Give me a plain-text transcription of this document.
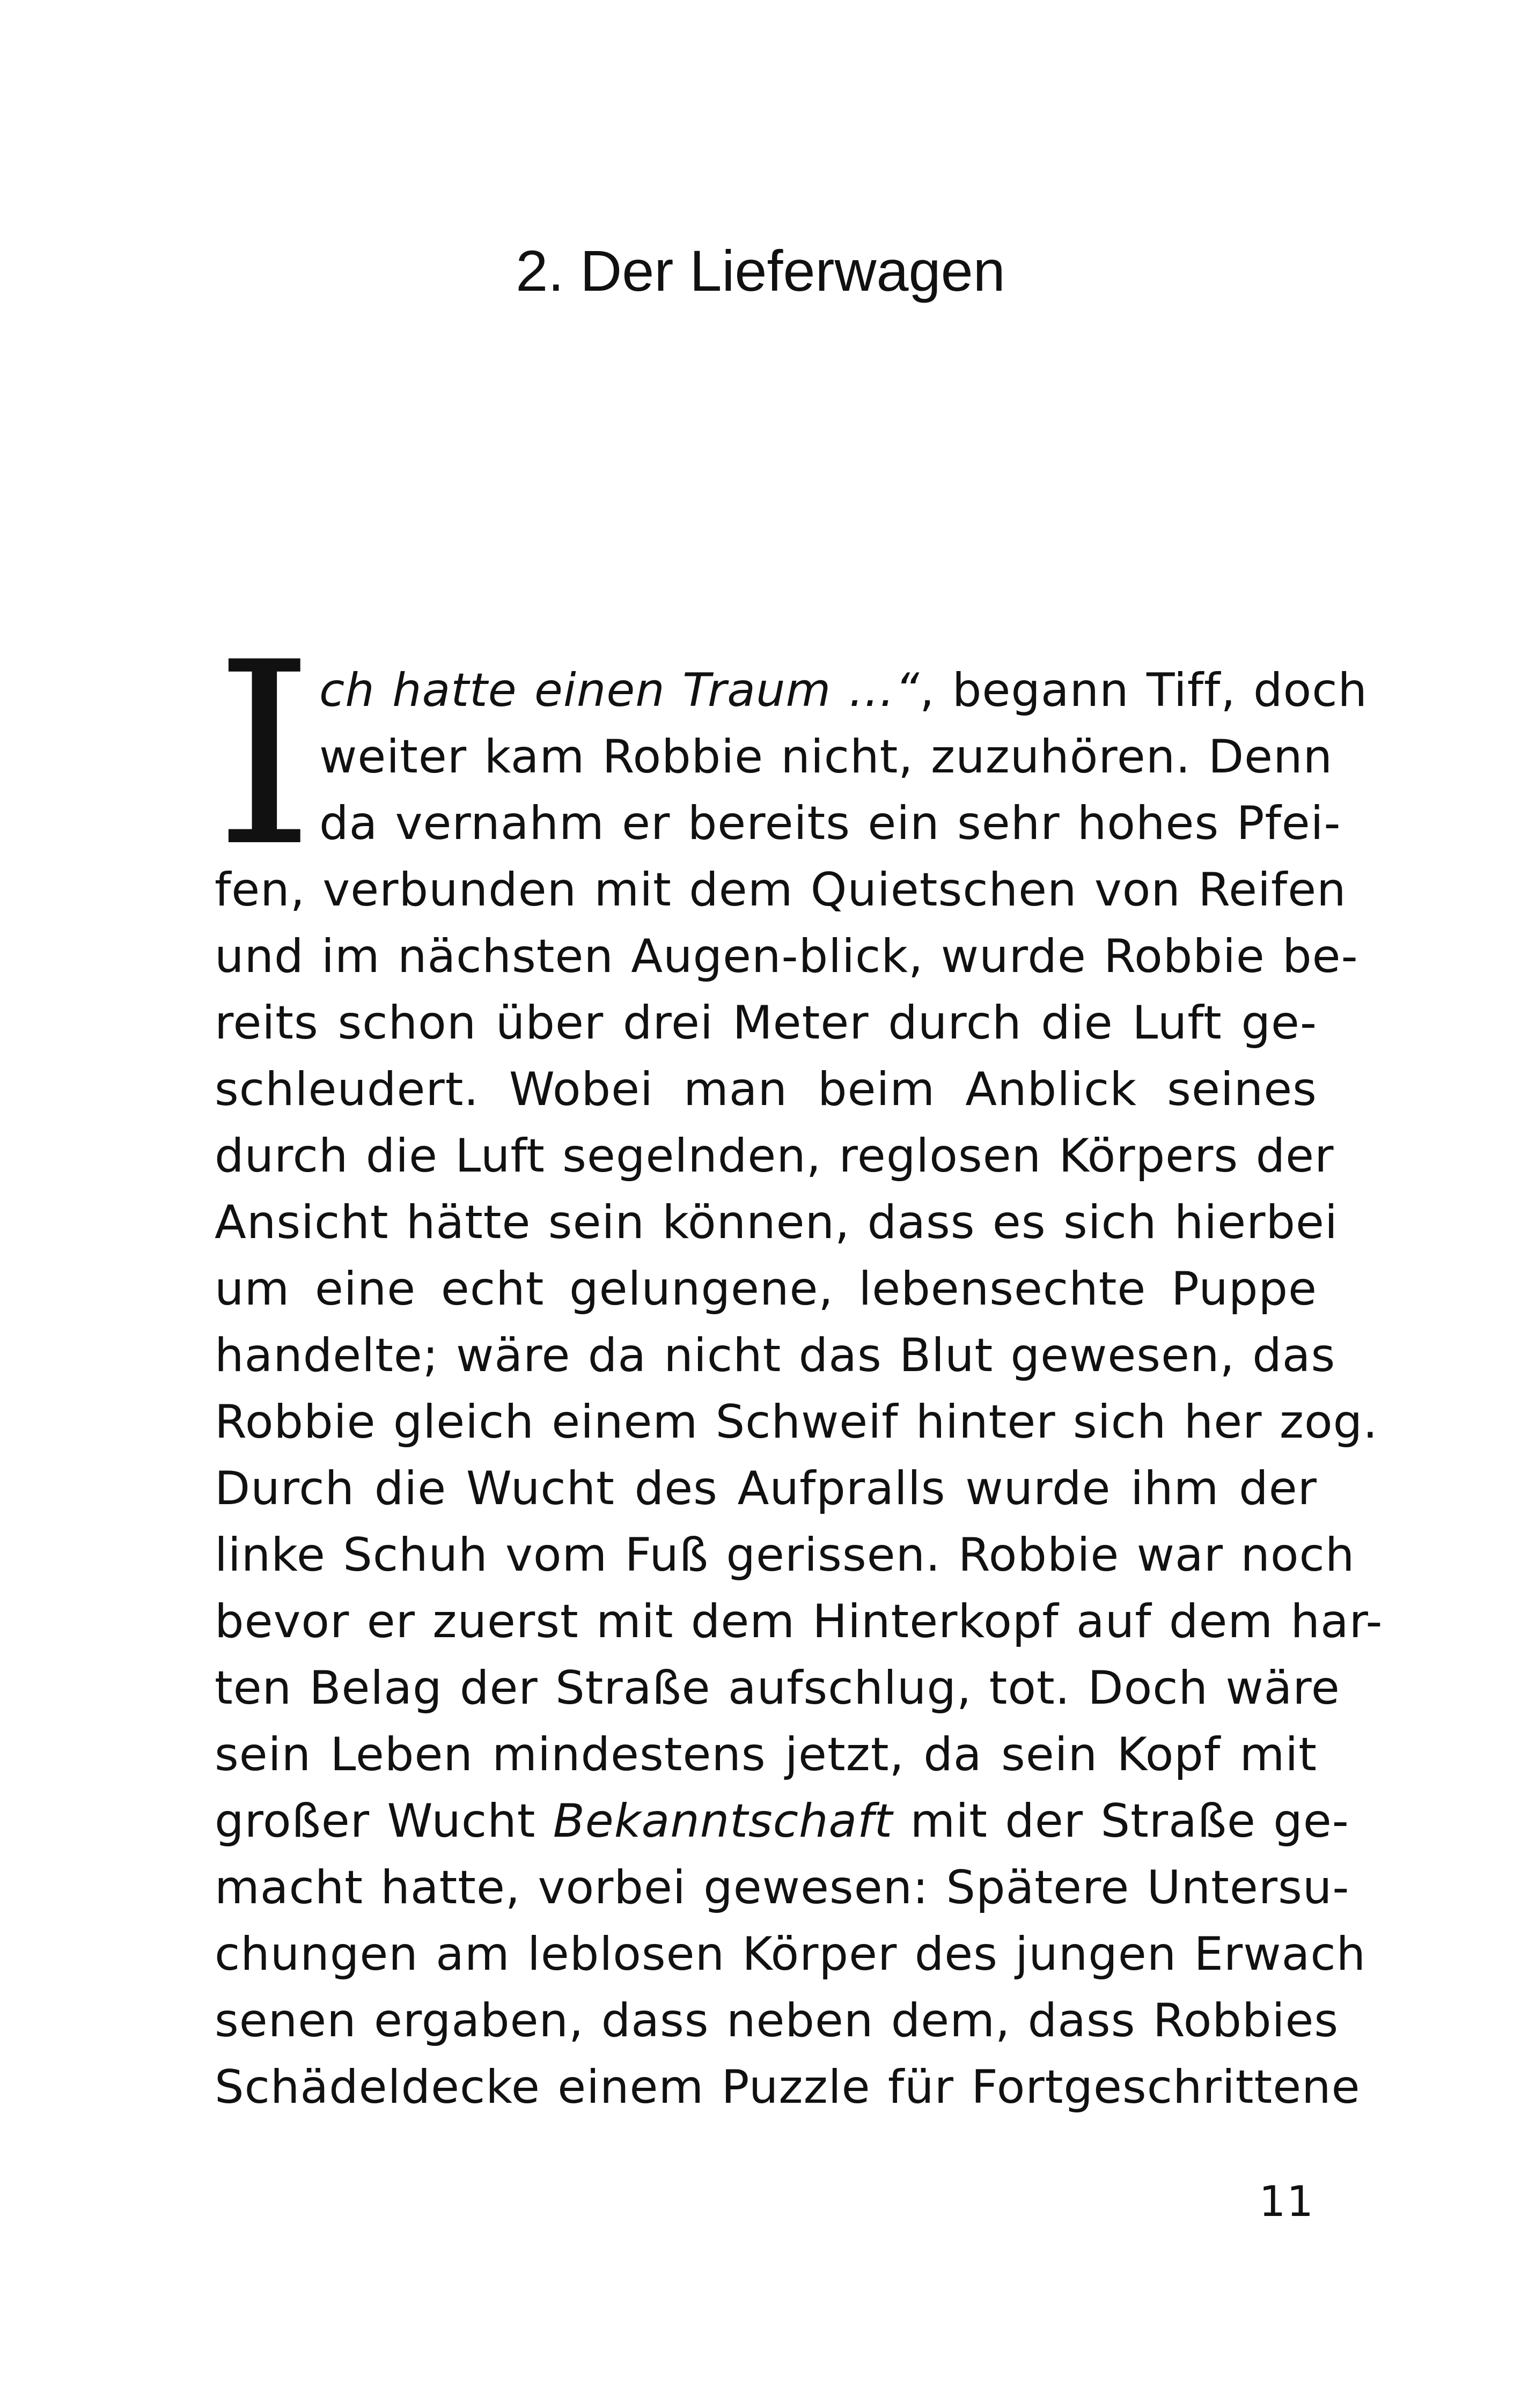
2. Der Lieferwagen
I ch hatte einen Traum …“, begann Tiff, doch
weiter kam Robbie nicht, zuzuhören. Denn
da vernahm er bereits ein sehr hohes Pfei-
fen, verbunden mit dem Quietschen von Reifen
und im nächsten Augen-blick, wurde Robbie be-
reits schon über drei Meter durch die Luft ge-
schleudert. Wobei man beim Anblick seines
durch die Luft segelnden, reglosen Körpers der
Ansicht hätte sein können, dass es sich hierbei
um eine echt gelungene, lebensechte Puppe
handelte; wäre da nicht das Blut gewesen, das
Robbie gleich einem Schweif hinter sich her zog.
Durch die Wucht des Aufpralls wurde ihm der
linke Schuh vom Fuß gerissen. Robbie war noch
bevor er zuerst mit dem Hinterkopf auf dem har-
ten Belag der Straße aufschlug, tot. Doch wäre
sein Leben mindestens jetzt, da sein Kopf mit
großer Wucht Bekanntschaft mit der Straße ge-
macht hatte, vorbei gewesen: Spätere Untersu-
chungen am leblosen Körper des jungen Erwach
senen ergaben, dass neben dem, dass Robbies
Schädeldecke einem Puzzle für Fortgeschrittene
11
